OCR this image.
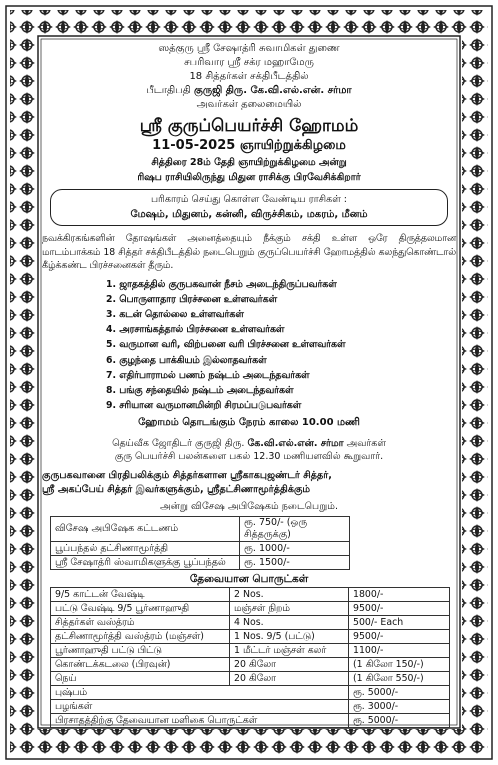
ஸத்குரு ஸ்ரீ சேஷாத்ரி சுவாமிகள் துணை
சபரிவார ஸ்ரீ சக்ர மஹாமேரு
18 சித்தர்கள் சக்திபீடத்தில்
பீடாதிபதி குருஜி திரு. கே.வி.எல்.என். சர்மா
அவர்கள் தலைமையில்
ஸ்ரீ குருப்பெயர்ச்சி ஹோமம்
11-05-2025 ஞாயிற்றுக்கிழமை
சித்திரை 28ம் தேதி ஞாயிற்றுக்கிழமை அன்று
ரிஷப ராசியிலிருந்து மிதுன ராசிக்கு பிரவேசிக்கிறார்
பரிகாரம் செய்து கொள்ள வேண்டிய ராசிகள் :
மேஷம், மிதுனம், கன்னி, விருச்சிகம், மகரம், மீனம்
நவக்கிரகங்களின் தோஷங்கள் அனைத்தையும் நீக்கும் சக்தி உள்ள ஒரே திருத்தலமான மாடம்பாக்கம் 18 சித்தர் சக்திபீடத்தில் நடைபெறும் குருப்பெயர்ச்சி ஹோமத்தில் கலந்துகொண்டால் கீழ்க்கண்ட பிரச்சனைகள் தீரும்.
1. ஜாதகத்தில் குருபகவான் நீசம் அடைந்திருப்பவர்கள்
2. பொருளாதார பிரச்சனை உள்ளவர்கள்
3. கடன் தொல்லை உள்ளவர்கள்
4. அரசாங்கத்தால் பிரச்சனை உள்ளவர்கள்
5. வருமான வரி, விற்பனை வரி பிரச்சனை உள்ளவர்கள்
6. குழந்தை பாக்கியம் இல்லாதவர்கள்
7. எதிர்பாராமல் பணம் நஷ்டம் அடைந்தவர்கள்
8. பங்கு சந்தையில் நஷ்டம் அடைந்தவர்கள்
9. சரியான வருமானமின்றி சிரமப்படுபவர்கள்
ஹோமம் தொடங்கும் நேரம் காலை 10.00 மணி
தெய்வீக ஜோதிடர் குருஜி திரு. கே.வி.எல்.என். சர்மா அவர்கள்
குரு பெயர்ச்சி பலன்களை பகல் 12.30 மணியளவில் கூறுவார்.
குருபகவானை பிரதிபலிக்கும் சித்தர்களான ஸ்ரீகாகபுஜண்டர் சித்தர்,
ஸ்ரீ அகப்பேய் சித்தர் இவர்களுக்கும், ஸ்ரீதட்சிணாமூர்த்திக்கும்
அன்று விசேஷ அபிஷேகம் நடைபெறும்.
விசேஷ அபிஷேக கட்டணம்	ரூ. 750/- (ஒரு சித்தருக்கு)
பூப்பந்தல் தட்சிணாமூர்த்தி	ரூ. 1000/-
ஸ்ரீ சேஷாத்ரி ஸ்வாமிகளுக்கு பூப்பந்தல்	ரூ. 1500/-
தேவையான பொருட்கள்
9/5 காட்டன் வேஷ்டி	2 Nos.	1800/-
பட்டு வேஷ்டி 9/5 பூர்ணாஹுதி	மஞ்சள் நிறம்	9500/-
சித்தர்கள் வஸ்த்ரம்	4 Nos.	500/- Each
தட்சிணாமூர்த்தி வஸ்த்ரம் (மஞ்சள்)	1 Nos. 9/5 (பட்டு)	9500/-
பூர்ணாஹுதி பட்டு பிட்டு	1 மீட்டர் மஞ்சள் கலர்	1100/-
கொண்டக்கடலை (பிரவுன்)	20 கிலோ	(1 கிலோ 150/-)
நெய்	20 கிலோ	(1 கிலோ 550/-)
புஷ்பம்		ரூ. 5000/-
பழங்கள்		ரூ. 3000/-
பிரசாதத்திற்கு தேவையான மளிகை பொருட்கள்		ரூ. 5000/-
